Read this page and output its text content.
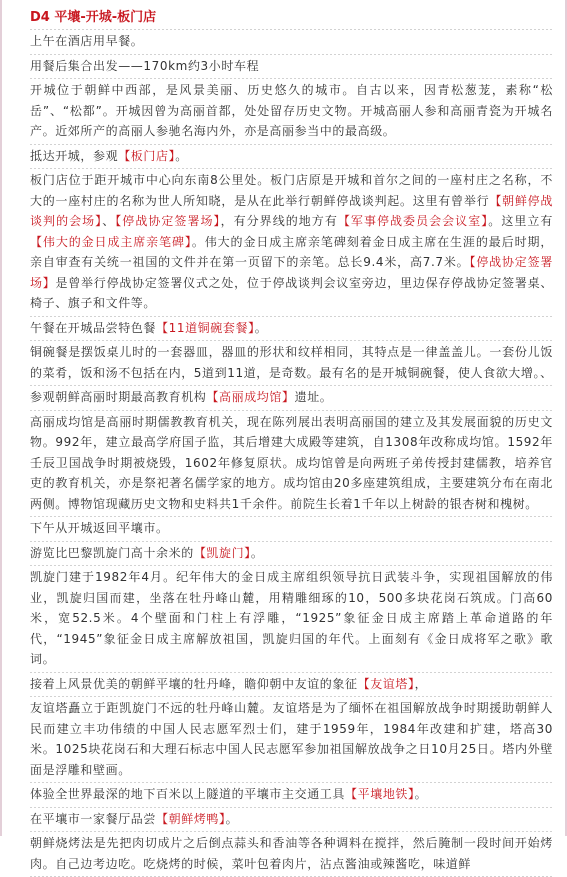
D4 平壤-开城-板门店

上午在酒店用早餐。

用餐后集合出发——170km约3小时车程

开城位于朝鲜中西部，是风景美丽、历史悠久的城市。自古以来，因青松葱茏，素称“松岳”、“松都”。开城因曾为高丽首都，处处留存历史文物。开城高丽人参和高丽青瓷为开城名产。近郊所产的高丽人参驰名海内外，亦是高丽参当中的最高级。

抵达开城，参观【板门店】。

板门店位于距开城市中心向东南8公里处。板门店原是开城和首尔之间的一座村庄之名称，不大的一座村庄的名称为世人所知晓，是从在此举行朝鲜停战谈判起。这里有曾举行【朝鲜停战谈判的会场】、【停战协定签署场】，有分界线的地方有【军事停战委员会会议室】。这里立有【伟大的金日成主席亲笔碑】。伟大的金日成主席亲笔碑刻着金日成主席在生涯的最后时期，亲自审查有关统一祖国的文件并在第一页留下的亲笔。总长9.4米，高7.7米。【停战协定签署场】是曾举行停战协定签署仪式之处，位于停战谈判会议室旁边，里边保存停战协定签署桌、椅子、旗子和文件等。

午餐在开城品尝特色餐【11道铜碗套餐】。

铜碗餐是摆饭桌儿时的一套器皿，器皿的形状和纹样相同，其特点是一律盖盖儿。一套份儿饭的菜肴，饭和汤不包括在内，5道到11道，是奇数。最有名的是开城铜碗餐，使人食欲大增。、

参观朝鲜高丽时期最高教育机构【高丽成均馆】遗址。

高丽成均馆是高丽时期儒教教育机关，现在陈列展出表明高丽国的建立及其发展面貌的历史文物。992年，建立最高学府国子监，其后增建大成殿等建筑，自1308年改称成均馆。1592年壬辰卫国战争时期被烧毁，1602年修复原状。成均馆曾是向两班子弟传授封建儒教，培养官吏的教育机关，亦是祭祀著名儒学家的地方。成均馆由20多座建筑组成，主要建筑分布在南北两侧。博物馆现藏历史文物和史料共1千余件。前院生长着1千年以上树龄的银杏树和槐树。

下午从开城返回平壤市。

游览比巴黎凯旋门高十余米的【凯旋门】。

凯旋门建于1982年4月。纪年伟大的金日成主席组织领导抗日武装斗争，实现祖国解放的伟业，凯旋归国而建，坐落在牡丹峰山麓，用精雕细琢的10，500多块花岗石筑成。门高60米，宽52.5米。4个壁面和门柱上有浮雕，“1925”象征金日成主席踏上革命道路的年代，“1945”象征金日成主席解放祖国，凯旋归国的年代。上面刻有《金日成将军之歌》歌词。

接着上风景优美的朝鲜平壤的牡丹峰，瞻仰朝中友谊的象征【友谊塔】，

友谊塔矗立于距凯旋门不远的牡丹峰山麓。友谊塔是为了缅怀在祖国解放战争时期援助朝鲜人民而建立丰功伟绩的中国人民志愿军烈士们，建于1959年，1984年改建和扩建，塔高30米。1025块花岗石和大理石标志中国人民志愿军参加祖国解放战争之日10月25日。塔内外壁面是浮雕和壁画。

体验全世界最深的地下百米以上隧道的平壤市主交通工具【平壤地铁】。

在平壤市一家餐厅品尝【朝鲜烤鸭】。

朝鲜烧烤法是先把肉切成片之后倒点蒜头和香油等各种调料在搅拌，然后腌制一段时间开始烤肉。自己边考边吃。吃烧烤的时候，菜叶包着肉片，沾点酱油或辣酱吃，味道鲜
